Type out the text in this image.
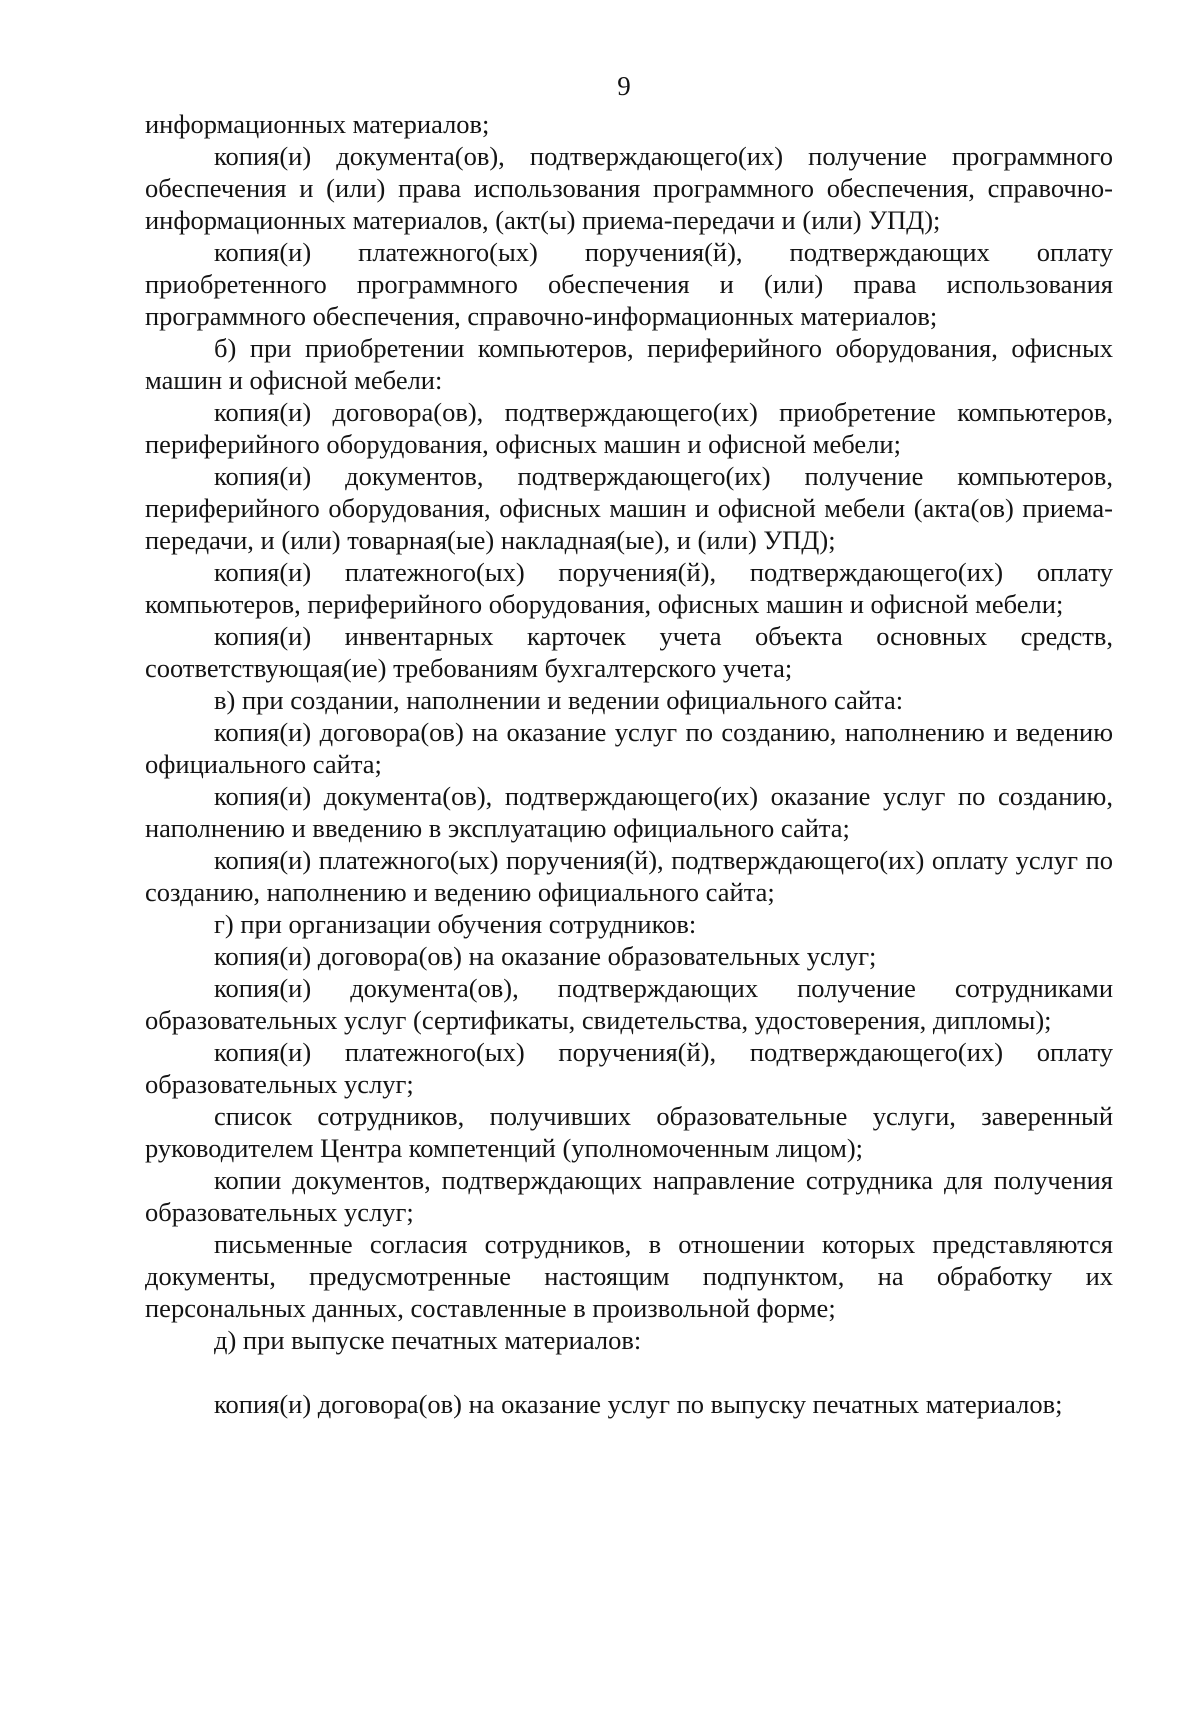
9

информационных материалов;

копия(и) документа(ов), подтверждающего(их) получение программного обеспечения и (или) права использования программного обеспечения, справочно-информационных материалов, (акт(ы) приема-передачи и (или) УПД);

копия(и) платежного(ых) поручения(й), подтверждающих оплату приобретенного программного обеспечения и (или) права использования программного обеспечения, справочно-информационных материалов;

б) при приобретении компьютеров, периферийного оборудования, офисных машин и офисной мебели:

копия(и) договора(ов), подтверждающего(их) приобретение компьютеров, периферийного оборудования, офисных машин и офисной мебели;

копия(и) документов, подтверждающего(их) получение компьютеров, периферийного оборудования, офисных машин и офисной мебели (акта(ов) приема-передачи, и (или) товарная(ые) накладная(ые), и (или) УПД);

копия(и) платежного(ых) поручения(й), подтверждающего(их) оплату компьютеров, периферийного оборудования, офисных машин и офисной мебели;

копия(и) инвентарных карточек учета объекта основных средств, соответствующая(ие) требованиям бухгалтерского учета;

в) при создании, наполнении и ведении официального сайта:

копия(и) договора(ов) на оказание услуг по созданию, наполнению и ведению официального сайта;

копия(и) документа(ов), подтверждающего(их) оказание услуг по созданию, наполнению и введению в эксплуатацию официального сайта;

копия(и) платежного(ых) поручения(й), подтверждающего(их) оплату услуг по созданию, наполнению и ведению официального сайта;

г) при организации обучения сотрудников:

копия(и) договора(ов) на оказание образовательных услуг;

копия(и) документа(ов), подтверждающих получение сотрудниками образовательных услуг (сертификаты, свидетельства, удостоверения, дипломы);

копия(и) платежного(ых) поручения(й), подтверждающего(их) оплату образовательных услуг;

список сотрудников, получивших образовательные услуги, заверенный руководителем Центра компетенций (уполномоченным лицом);

копии документов, подтверждающих направление сотрудника для получения образовательных услуг;

письменные согласия сотрудников, в отношении которых представляются документы, предусмотренные настоящим подпунктом, на обработку их персональных данных, составленные в произвольной форме;

д) при выпуске печатных материалов:

копия(и) договора(ов) на оказание услуг по выпуску печатных материалов;
